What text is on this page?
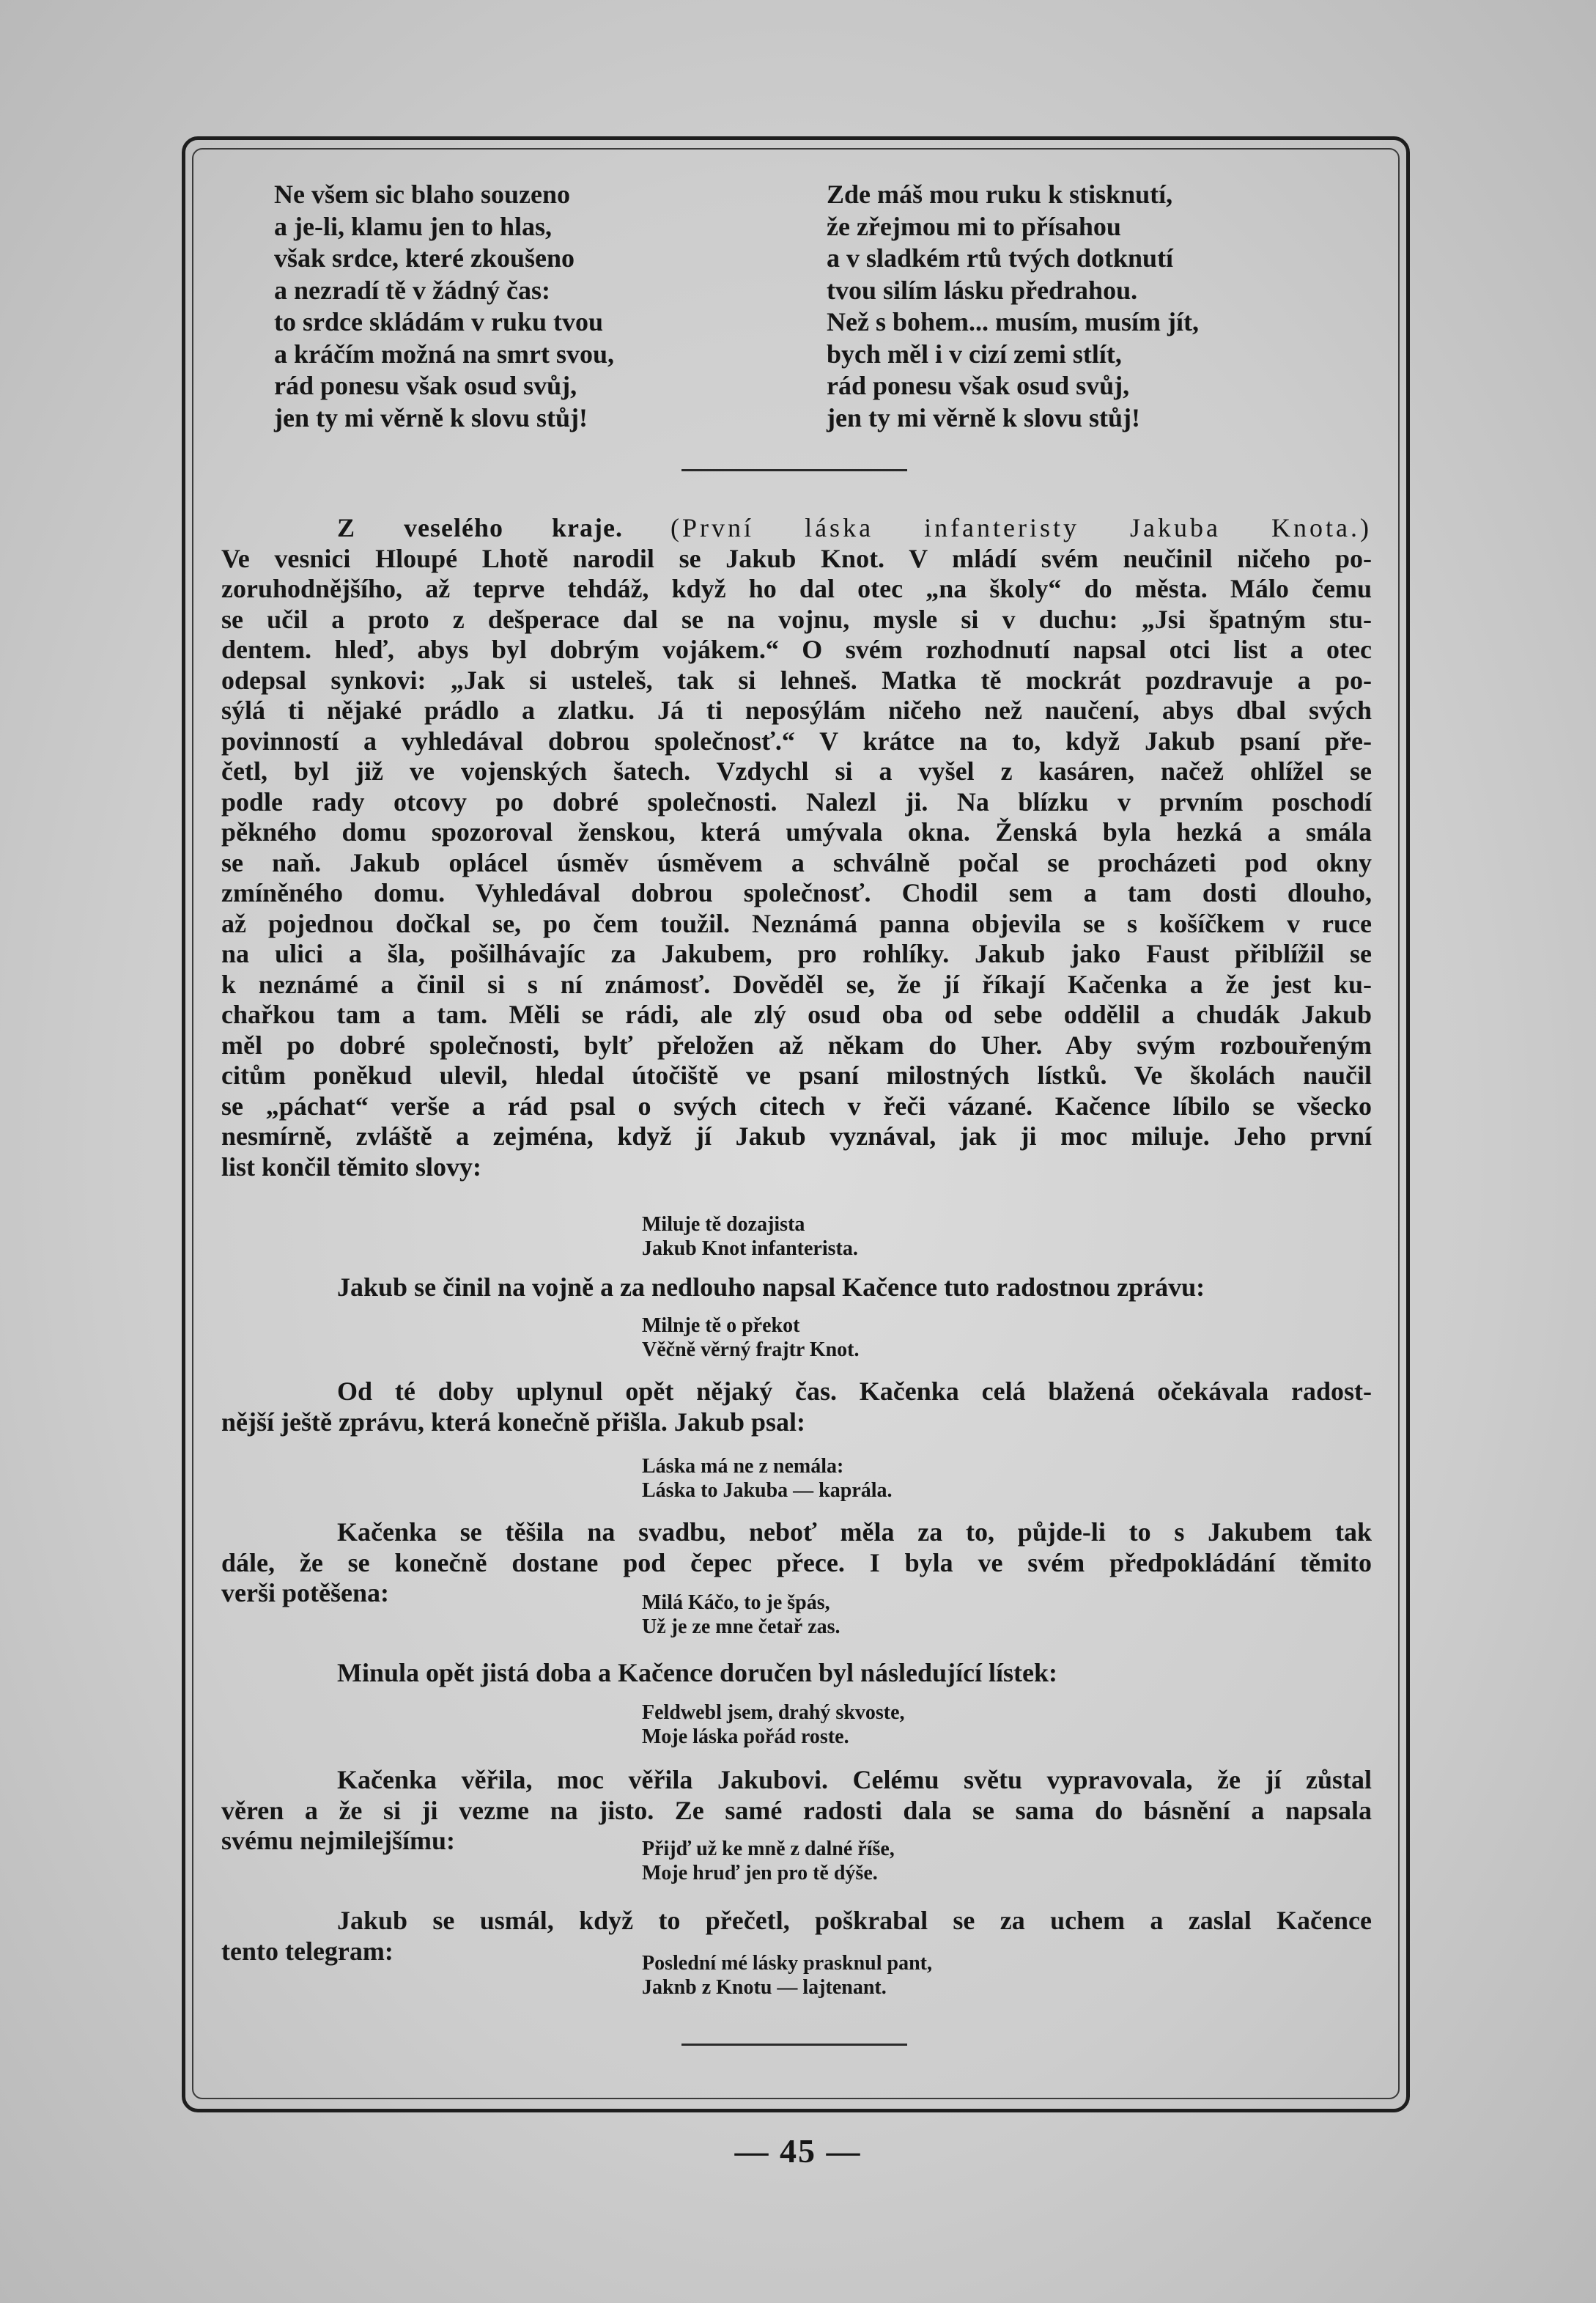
Ne všem sic blaho souzeno
a je-li, klamu jen to hlas,
však srdce, které zkoušeno
a nezradí tě v žádný čas:
to srdce skládám v ruku tvou
a kráčím možná na smrt svou,
rád ponesu však osud svůj,
jen ty mi věrně k slovu stůj!
Zde máš mou ruku k stisknutí,
že zřejmou mi to přísahou
a v sladkém rtů tvých dotknutí
tvou silím lásku předrahou.
Než s bohem... musím, musím jít,
bych měl i v cizí zemi stlít,
rád ponesu však osud svůj,
jen ty mi věrně k slovu stůj!
Z veselého kraje. (První láska infanteristy Jakuba Knota.)
Ve vesnici Hloupé Lhotě narodil se Jakub Knot. V mládí svém neučinil ničeho po-
zoruhodnějšího, až teprve tehdáž, když ho dal otec „na školy“ do města. Málo čemu
se učil a proto z dešperace dal se na vojnu, mysle si v duchu: „Jsi špatným stu-
dentem. hleď, abys byl dobrým vojákem.“ O svém rozhodnutí napsal otci list a otec
odepsal synkovi: „Jak si usteleš, tak si lehneš. Matka tě mockrát pozdravuje a po-
sýlá ti nějaké prádlo a zlatku. Já ti neposýlám ničeho než naučení, abys dbal svých
povinností a vyhledával dobrou společnosť.“ V krátce na to, když Jakub psaní pře-
četl, byl již ve vojenských šatech. Vzdychl si a vyšel z kasáren, načež ohlížel se
podle rady otcovy po dobré společnosti. Nalezl ji. Na blízku v prvním poschodí
pěkného domu spozoroval ženskou, která umývala okna. Ženská byla hezká a smála
se naň. Jakub oplácel úsměv úsměvem a schválně počal se procházeti pod okny
zmíněného domu. Vyhledával dobrou společnosť. Chodil sem a tam dosti dlouho,
až pojednou dočkal se, po čem toužil. Neznámá panna objevila se s košíčkem v ruce
na ulici a šla, pošilhávajíc za Jakubem, pro rohlíky. Jakub jako Faust přiblížil se
k neznámé a činil si s ní známosť. Dověděl se, že jí říkají Kačenka a že jest ku-
chařkou tam a tam. Měli se rádi, ale zlý osud oba od sebe oddělil a chudák Jakub
měl po dobré společnosti, bylť přeložen až někam do Uher. Aby svým rozbouřeným
citům poněkud ulevil, hledal útočiště ve psaní milostných lístků. Ve školách naučil
se „páchat“ verše a rád psal o svých citech v řeči vázané. Kačence líbilo se všecko
nesmírně, zvláště a zejména, když jí Jakub vyznával, jak ji moc miluje. Jeho první
list končil těmito slovy:
Miluje tě dozajista
Jakub Knot infanterista.
Jakub se činil na vojně a za nedlouho napsal Kačence tuto radostnou zprávu:
Milnje tě o překot
Věčně věrný frajtr Knot.
Od té doby uplynul opět nějaký čas. Kačenka celá blažená očekávala radost-
nější ještě zprávu, která konečně přišla. Jakub psal:
Láska má ne z nemála:
Láska to Jakuba — kaprála.
Kačenka se těšila na svadbu, neboť měla za to, půjde-li to s Jakubem tak
dále, že se konečně dostane pod čepec přece. I byla ve svém předpokládání těmito
verši potěšena:	Milá Káčo, to je špás,
Už je ze mne četař zas.
Minula opět jistá doba a Kačence doručen byl následující lístek:
Feldwebl jsem, drahý skvoste,
Moje láska pořád roste.
Kačenka věřila, moc věřila Jakubovi. Celému světu vypravovala, že jí zůstal
věren a že si ji vezme na jisto. Ze samé radosti dala se sama do básnění a napsala
svému nejmilejšímu:	Přijď už ke mně z dalné říše,
Moje hruď jen pro tě dýše.
Jakub se usmál, když to přečetl, poškrabal se za uchem a zaslal Kačence
tento telegram:	Poslední mé lásky prasknul pant,
Jaknb z Knotu — lajtenant.
— 45 —
